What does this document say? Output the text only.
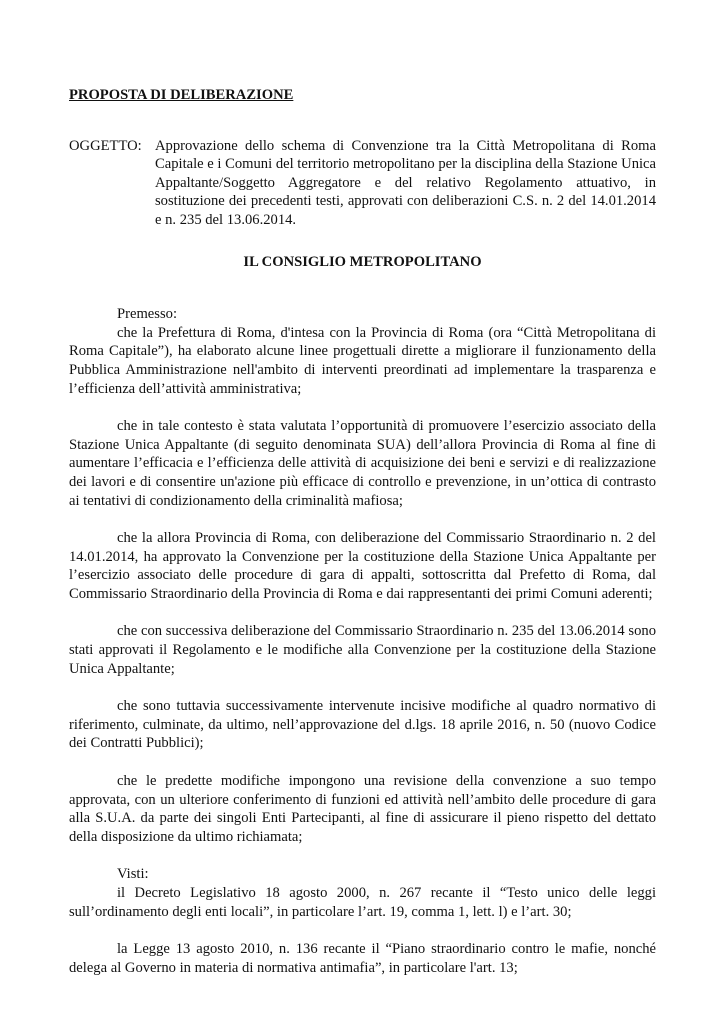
PROPOSTA DI DELIBERAZIONE

OGGETTO: Approvazione dello schema di Convenzione tra la Città Metropolitana di Roma Capitale e i Comuni del territorio metropolitano per la disciplina della Stazione Unica Appaltante/Soggetto Aggregatore e del relativo Regolamento attuativo, in sostituzione dei precedenti testi, approvati con deliberazioni C.S. n. 2 del 14.01.2014 e n. 235 del 13.06.2014.
IL CONSIGLIO METROPOLITANO
Premesso:

che la Prefettura di Roma, d'intesa con la Provincia di Roma (ora “Città Metropolitana di Roma Capitale”), ha elaborato alcune linee progettuali dirette a migliorare il funzionamento della Pubblica Amministrazione nell'ambito di interventi preordinati ad implementare la trasparenza e l’efficienza dell’attività amministrativa;

che in tale contesto è stata valutata l’opportunità di promuovere l’esercizio associato della Stazione Unica Appaltante (di seguito denominata SUA) dell’allora Provincia di Roma al fine di aumentare l’efficacia e l’efficienza delle attività di acquisizione dei beni e servizi e di realizzazione dei lavori e di consentire un'azione più efficace di controllo e prevenzione, in un’ottica di contrasto ai tentativi di condizionamento della criminalità mafiosa;

che la allora Provincia di Roma, con deliberazione del Commissario Straordinario n. 2 del 14.01.2014, ha approvato la Convenzione per la costituzione della Stazione Unica Appaltante per l’esercizio associato delle procedure di gara di appalti, sottoscritta dal Prefetto di Roma, dal Commissario Straordinario della Provincia di Roma e dai rappresentanti dei primi Comuni aderenti;

che con successiva deliberazione del Commissario Straordinario n. 235 del 13.06.2014 sono stati approvati il Regolamento e le modifiche alla Convenzione per la costituzione della Stazione Unica Appaltante;

che sono tuttavia successivamente intervenute incisive modifiche al quadro normativo di riferimento, culminate, da ultimo, nell’approvazione del d.lgs. 18 aprile 2016, n. 50 (nuovo Codice dei Contratti Pubblici);

che le predette modifiche impongono una revisione della convenzione a suo tempo approvata, con un ulteriore conferimento di funzioni ed attività nell’ambito delle procedure di gara alla S.U.A. da parte dei singoli Enti Partecipanti, al fine di assicurare il pieno rispetto del dettato della disposizione da ultimo richiamata;

Visti:

il Decreto Legislativo 18 agosto 2000, n. 267 recante il “Testo unico delle leggi sull’ordinamento degli enti locali”, in particolare l’art. 19, comma 1, lett. l) e l’art. 30;

la Legge 13 agosto 2010, n. 136 recante il “Piano straordinario contro le mafie, nonché delega al Governo in materia di normativa antimafia”, in particolare l'art. 13;
